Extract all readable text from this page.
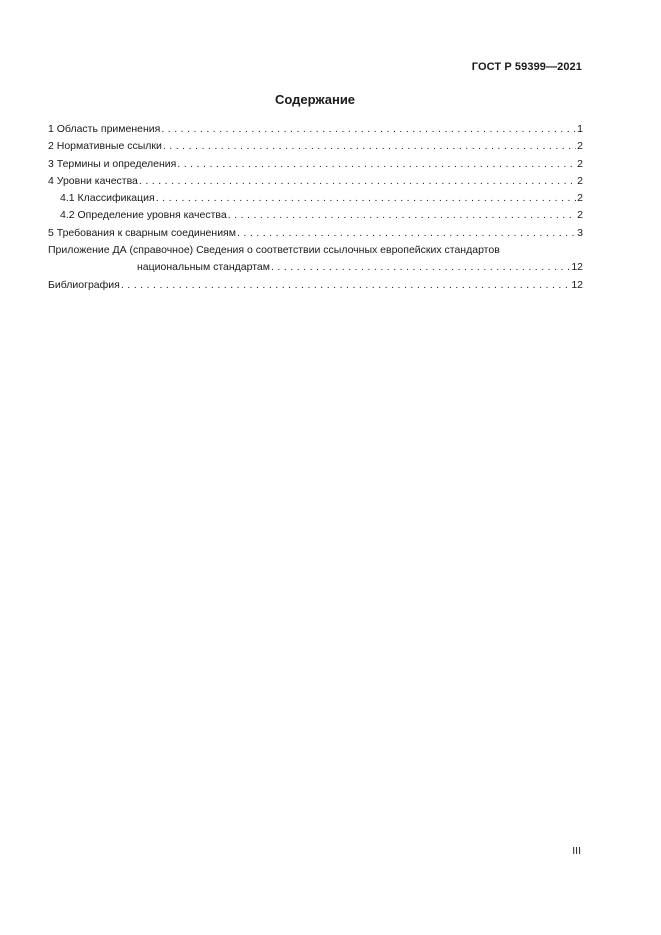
ГОСТ Р 59399—2021
Содержание
1 Область применения . . .	1
2 Нормативные ссылки . . .	2
3 Термины и определения . . .	2
4 Уровни качества . . .	2
4.1 Классификация . . .	2
4.2 Определение уровня качества . . .	2
5 Требования к сварным соединениям . . .	3
Приложение ДА (справочное) Сведения о соответствии ссылочных европейских стандартов
национальным стандартам . . .	12
Библиография . . .	12
III
